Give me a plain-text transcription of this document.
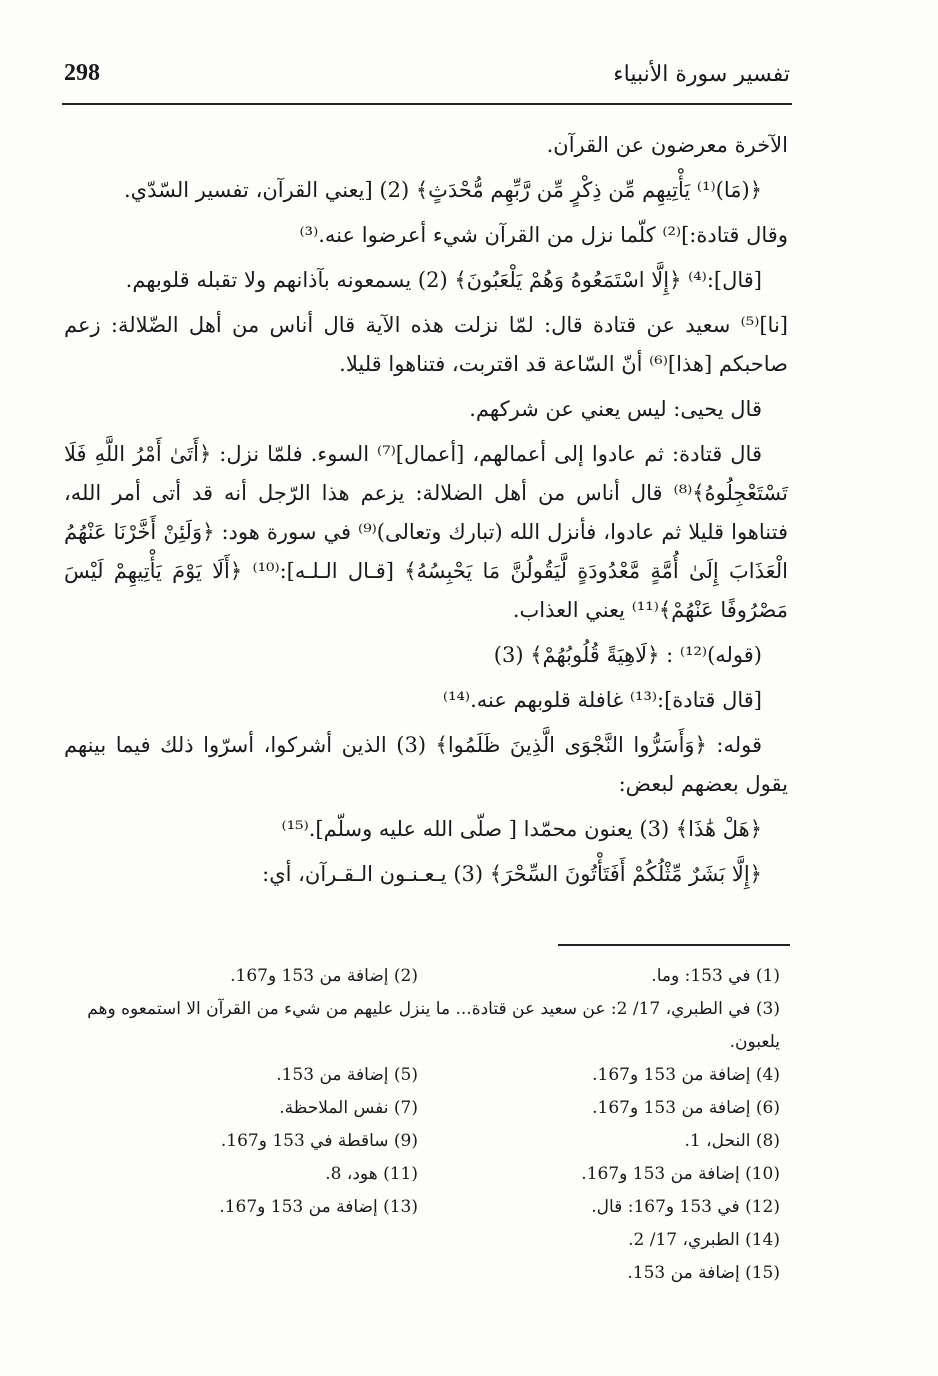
298	تفسير سورة الأنبياء

الآخرة معرضون عن القرآن.

﴿(مَا)⁽¹⁾ يَأْتِيهِم مِّن ذِكْرٍ مِّن رَّبِّهِم مُّحْدَثٍ﴾ (2) [يعني القرآن، تفسير السّدّي.

وقال قتادة:]⁽²⁾ كلّما نزل من القرآن شيء أعرضوا عنه.⁽³⁾

[قال]:⁽⁴⁾ ﴿إِلَّا اسْتَمَعُوهُ وَهُمْ يَلْعَبُونَ﴾ (2) يسمعونه بآذانهم ولا تقبله قلوبهم.

[نا]⁽⁵⁾ سعيد عن قتادة قال: لمّا نزلت هذه الآية قال أناس من أهل الضّلالة: زعم صاحبكم [هذا]⁽⁶⁾ أنّ السّاعة قد اقتربت، فتناهوا قليلا.

قال يحيى: ليس يعني عن شركهم.

قال قتادة: ثم عادوا إلى أعمالهم، [أعمال]⁽⁷⁾ السوء. فلمّا نزل: ﴿أَتَىٰ أَمْرُ اللَّهِ فَلَا تَسْتَعْجِلُوهُ﴾⁽⁸⁾ قال أناس من أهل الضلالة: يزعم هذا الرّجل أنه قد أتى أمر الله، فتناهوا قليلا ثم عادوا، فأنزل الله (تبارك وتعالى)⁽⁹⁾ في سورة هود: ﴿وَلَئِنْ أَخَّرْنَا عَنْهُمُ الْعَذَابَ إِلَىٰ أُمَّةٍ مَّعْدُودَةٍ لَّيَقُولُنَّ مَا يَحْبِسُهُ﴾ [قـال الـلـه]:⁽¹⁰⁾ ﴿أَلَا يَوْمَ يَأْتِيهِمْ لَيْسَ مَصْرُوفًا عَنْهُمْ﴾⁽¹¹⁾ يعني العذاب.

(قوله)⁽¹²⁾ : ﴿لَاهِيَةً قُلُوبُهُمْ﴾ (3)

[قال قتادة]:⁽¹³⁾ غافلة قلوبهم عنه.⁽¹⁴⁾

قوله: ﴿وَأَسَرُّوا النَّجْوَى الَّذِينَ ظَلَمُوا﴾ (3) الذين أشركوا، أسرّوا ذلك فيما بينهم يقول بعضهم لبعض:

﴿هَلْ هَٰذَا﴾ (3) يعنون محمّدا [ صلّى الله عليه وسلّم].⁽¹⁵⁾

﴿إِلَّا بَشَرٌ مِّثْلُكُمْ أَفَتَأْتُونَ السِّحْرَ﴾ (3) يـعـنـون الـقـرآن، أي:

(1) في 153: وما.
(2) إضافة من 153 و167.
(3) في الطبري، 17/ 2: عن سعيد عن قتادة... ما ينزل عليهم من شيء من القرآن الا استمعوه وهم يلعبون.
(4) إضافة من 153 و167.
(5) إضافة من 153.
(6) إضافة من 153 و167.
(7) نفس الملاحظة.
(8) النحل، 1.
(9) ساقطة في 153 و167.
(10) إضافة من 153 و167.
(11) هود، 8.
(12) في 153 و167: قال.
(13) إضافة من 153 و167.
(14) الطبري، 17/ 2.
(15) إضافة من 153.
